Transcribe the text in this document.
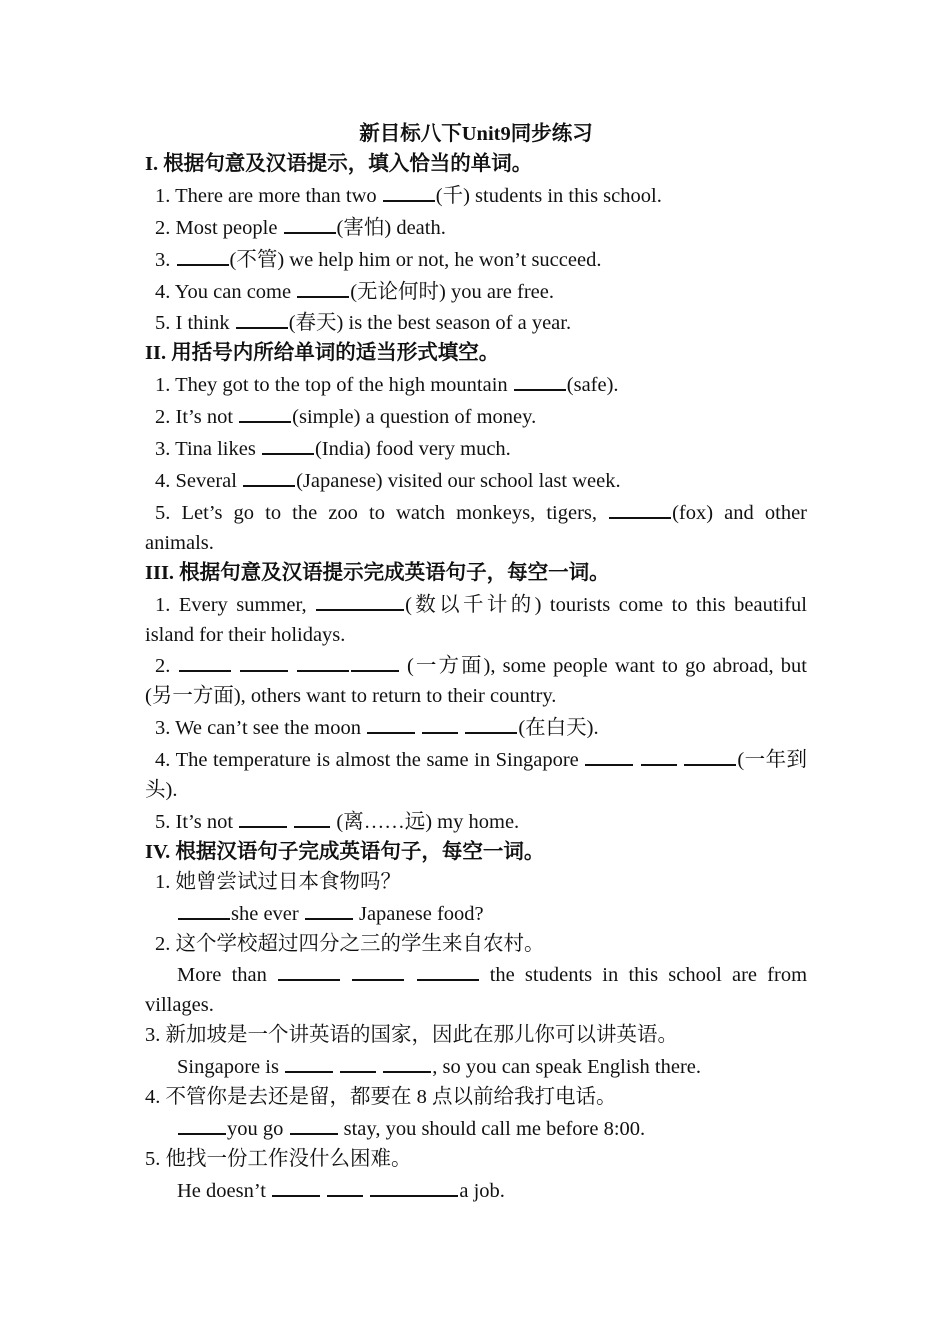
新目标八下Unit9同步练习
I. 根据句意及汉语提示，填入恰当的单词。
1. There are more than two	(千) students in this school.
2. Most people	(害怕) death.
3.	(不管) we help him or not, he won’t succeed.
4. You can come	(无论何时) you are free.
5. I think	(春天) is the best season of a year.
II. 用括号内所给单词的适当形式填空。
1. They got to the top of the high mountain	(safe).
2. It’s not	(simple) a question of money.
3. Tina likes	(India) food very much.
4. Several	(Japanese) visited our school last week.
5. Let’s go to the zoo to watch monkeys, tigers,	(fox) and other animals.
III. 根据句意及汉语提示完成英语句子，每空一词。
1. Every summer,	(数以千计的) tourists come to this beautiful island for their holidays.
2.	(一方面), some people want to go abroad, but (另一方面), others want to return to their country.
3. We can’t see the moon	(在白天).
4. The temperature is almost the same in Singapore	(一年到头).
5. It’s not	(离……远) my home.
IV. 根据汉语句子完成英语句子，每空一词。
1. 她曾尝试过日本食物吗？
she ever  Japanese food?
2. 这个学校超过四分之三的学生来自农村。
More than	the students in this school are from villages.
3. 新加坡是一个讲英语的国家，因此在那儿你可以讲英语。
Singapore is	, so you can speak English there.
4. 不管你是去还是留，都要在 8 点以前给我打电话。
you go  stay, you should call me before 8:00.
5. 他找一份工作没什么困难。
He doesn’t	a job.
